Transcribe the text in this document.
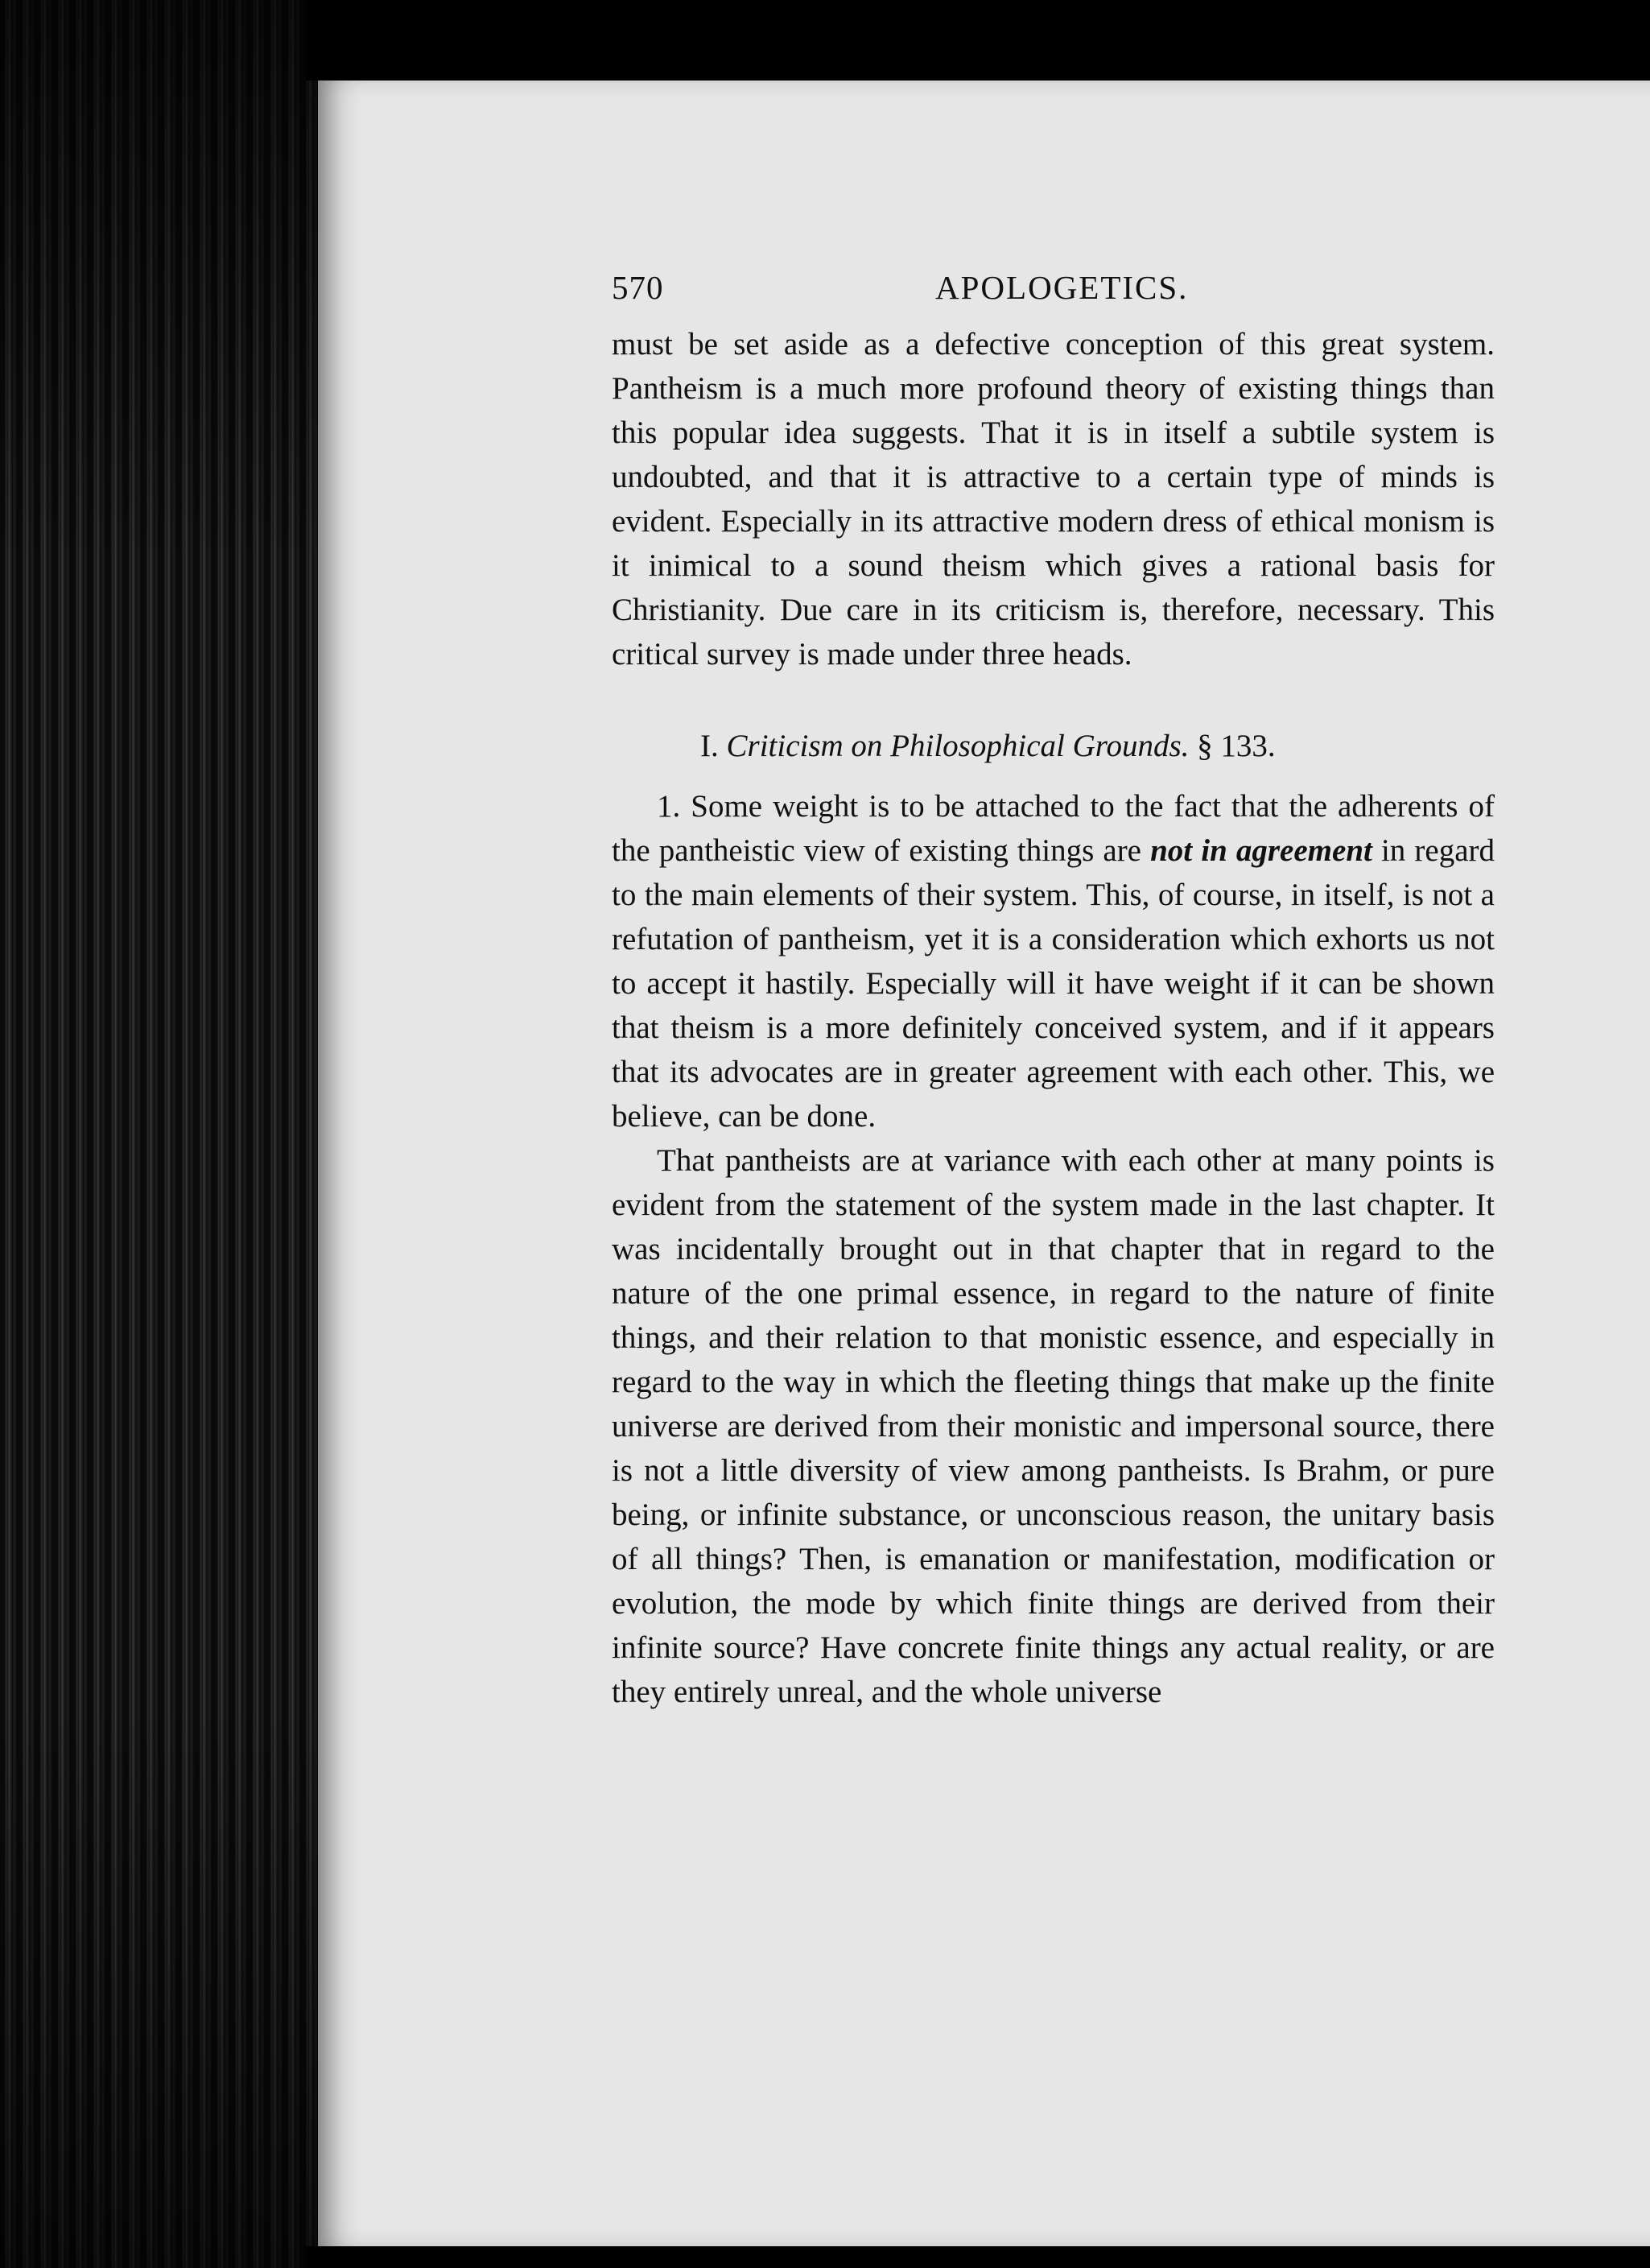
570	APOLOGETICS.

must be set aside as a defective conception of this great system. Pantheism is a much more profound theory of existing things than this popular idea suggests. That it is in itself a subtile system is undoubted, and that it is attractive to a certain type of minds is evident. Especially in its attractive modern dress of ethical monism is it inimical to a sound theism which gives a rational basis for Christianity. Due care in its criticism is, therefore, necessary. This critical survey is made under three heads.

I. Criticism on Philosophical Grounds. § 133.

1. Some weight is to be attached to the fact that the adherents of the pantheistic view of existing things are not in agreement in regard to the main elements of their system. This, of course, in itself, is not a refutation of pantheism, yet it is a consideration which exhorts us not to accept it hastily. Especially will it have weight if it can be shown that theism is a more definitely conceived system, and if it appears that its advocates are in greater agreement with each other. This, we believe, can be done.

That pantheists are at variance with each other at many points is evident from the statement of the system made in the last chapter. It was incidentally brought out in that chapter that in regard to the nature of the one primal essence, in regard to the nature of finite things, and their relation to that monistic essence, and especially in regard to the way in which the fleeting things that make up the finite universe are derived from their monistic and impersonal source, there is not a little diversity of view among pantheists. Is Brahm, or pure being, or infinite substance, or unconscious reason, the unitary basis of all things? Then, is emanation or manifestation, modification or evolution, the mode by which finite things are derived from their infinite source? Have concrete finite things any actual reality, or are they entirely unreal, and the whole universe
